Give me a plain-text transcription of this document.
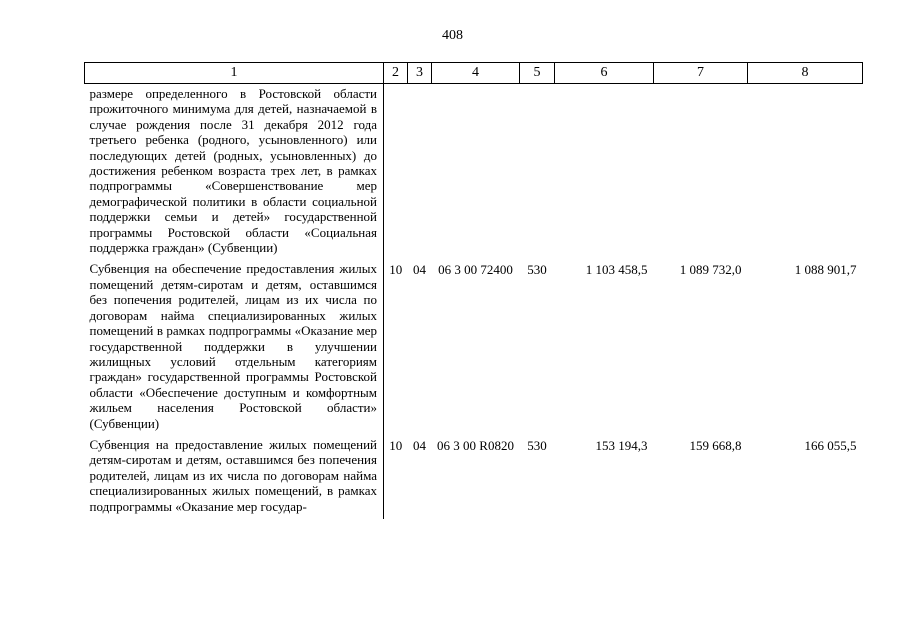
408
1	2	3	4	5	6	7	8
размере определенного в Ростовской области прожиточного минимума для детей, назначаемой в случае рождения после 31 декабря 2012 года третьего ребенка (родного, усыновленного) или последующих детей (родных, усыновленных) до достижения ребенком возраста трех лет, в рамках подпрограммы «Совершенствование мер демографической политики в области социальной поддержки семьи и детей» государственной программы Ростовской области «Социальная поддержка граждан» (Субвенции)							
Субвенция на обеспечение предоставления жилых помещений детям-сиротам и детям, оставшимся без попечения родителей, лицам из их числа по договорам найма специализированных жилых помещений в рамках подпрограммы «Оказание мер государственной поддержки в улучшении жилищных условий отдельным категориям граждан» государственной программы Ростовской области «Обеспечение доступным и комфортным жильем населения Ростовской области» (Субвенции)	10	04	06 3 00 72400	530	1 103 458,5	1 089 732,0	1 088 901,7
Субвенция на предоставление жилых помещений детям-сиротам и детям, оставшимся без попечения родителей, лицам из их числа по договорам найма специализированных жилых помещений, в рамках подпрограммы «Оказание мер государ-	10	04	06 3 00 R0820	530	153 194,3	159 668,8	166 055,5
